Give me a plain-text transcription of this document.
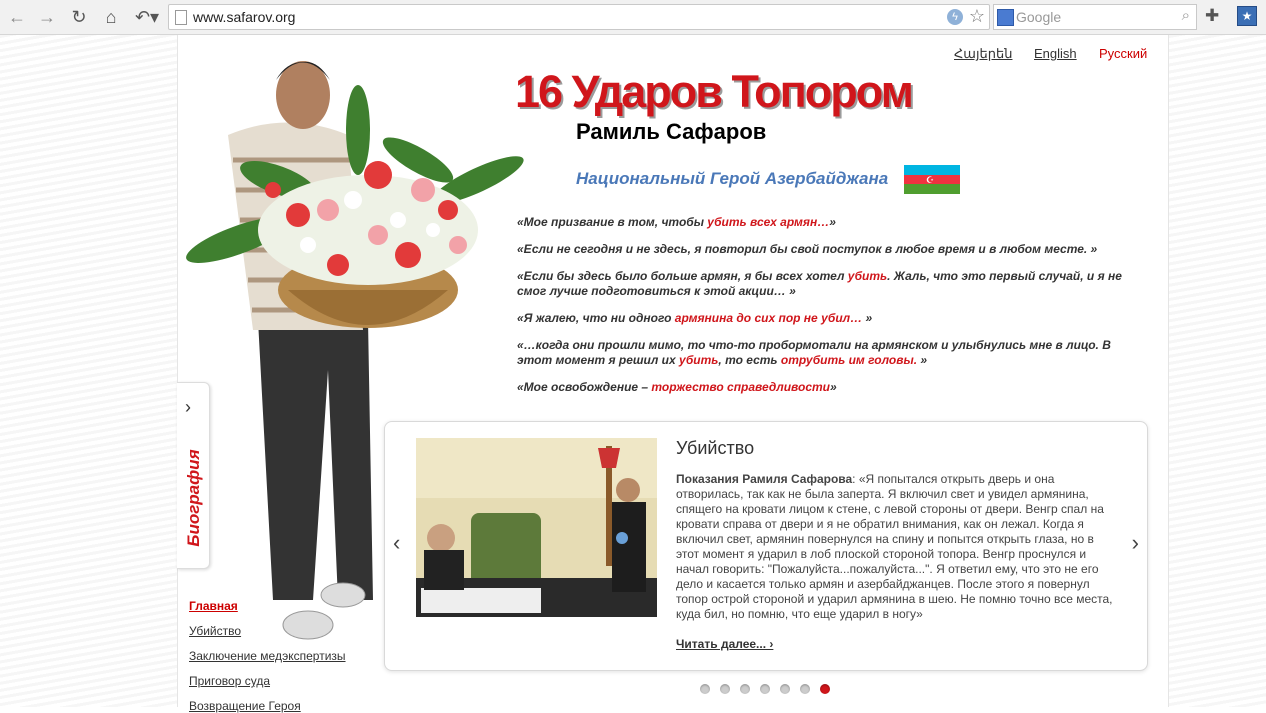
← → ↻	⌂	↶▾ www.safarov.org	ϟ ☆ Google	⌕ ✚	★
Հայերեն English Русский
16 Ударов Топором
Рамиль Сафаров
Национальный Герой Азербайджана	☪
«Мое призвание в том, чтобы убить всех армян…»
«Если не сегодня и не здесь, я повторил бы свой поступок в любое время и в любом месте. »
«Если бы здесь было больше армян, я бы всех хотел убить. Жаль, что это первый случай, и я не смог лучше подготовиться к этой акции… »
«Я жалею, что ни одного армянина до сих пор не убил… »
«…когда они прошли мимо, то что-то пробормотали на армянском и улыбнулись мне в лицо. В этот момент я решил их убить, то есть отрубить им головы. »
«Мое освобождение – торжество справедливости»
›
Биография
Главная
Убийство
Заключение медэкспертизы
Приговор суда
Возвращение Героя
‹	›
Убийство
Показания Рамиля Сафарова: «Я попытался открыть дверь и она отворилась, так как не была заперта. Я включил свет и увидел армянина, спящего на кровати лицом к стене, с левой стороны от двери. Венгр спал на кровати справа от двери и я не обратил внимания, как он лежал. Когда я включил свет, армянин повернулся на спину и попытся открыть глаза, но в этот момент я ударил в лоб плоской стороной топора. Венгр проснулся и начал говорить: "Пожалуйста...пожалуйста...". Я ответил ему, что это не его дело и касается только армян и азербайджанцев. После этого я повернул топор острой стороной и ударил армянина в шею. Не помню точно все места, куда бил, но помню, что еще ударил в ногу»
Читать далее... ›
